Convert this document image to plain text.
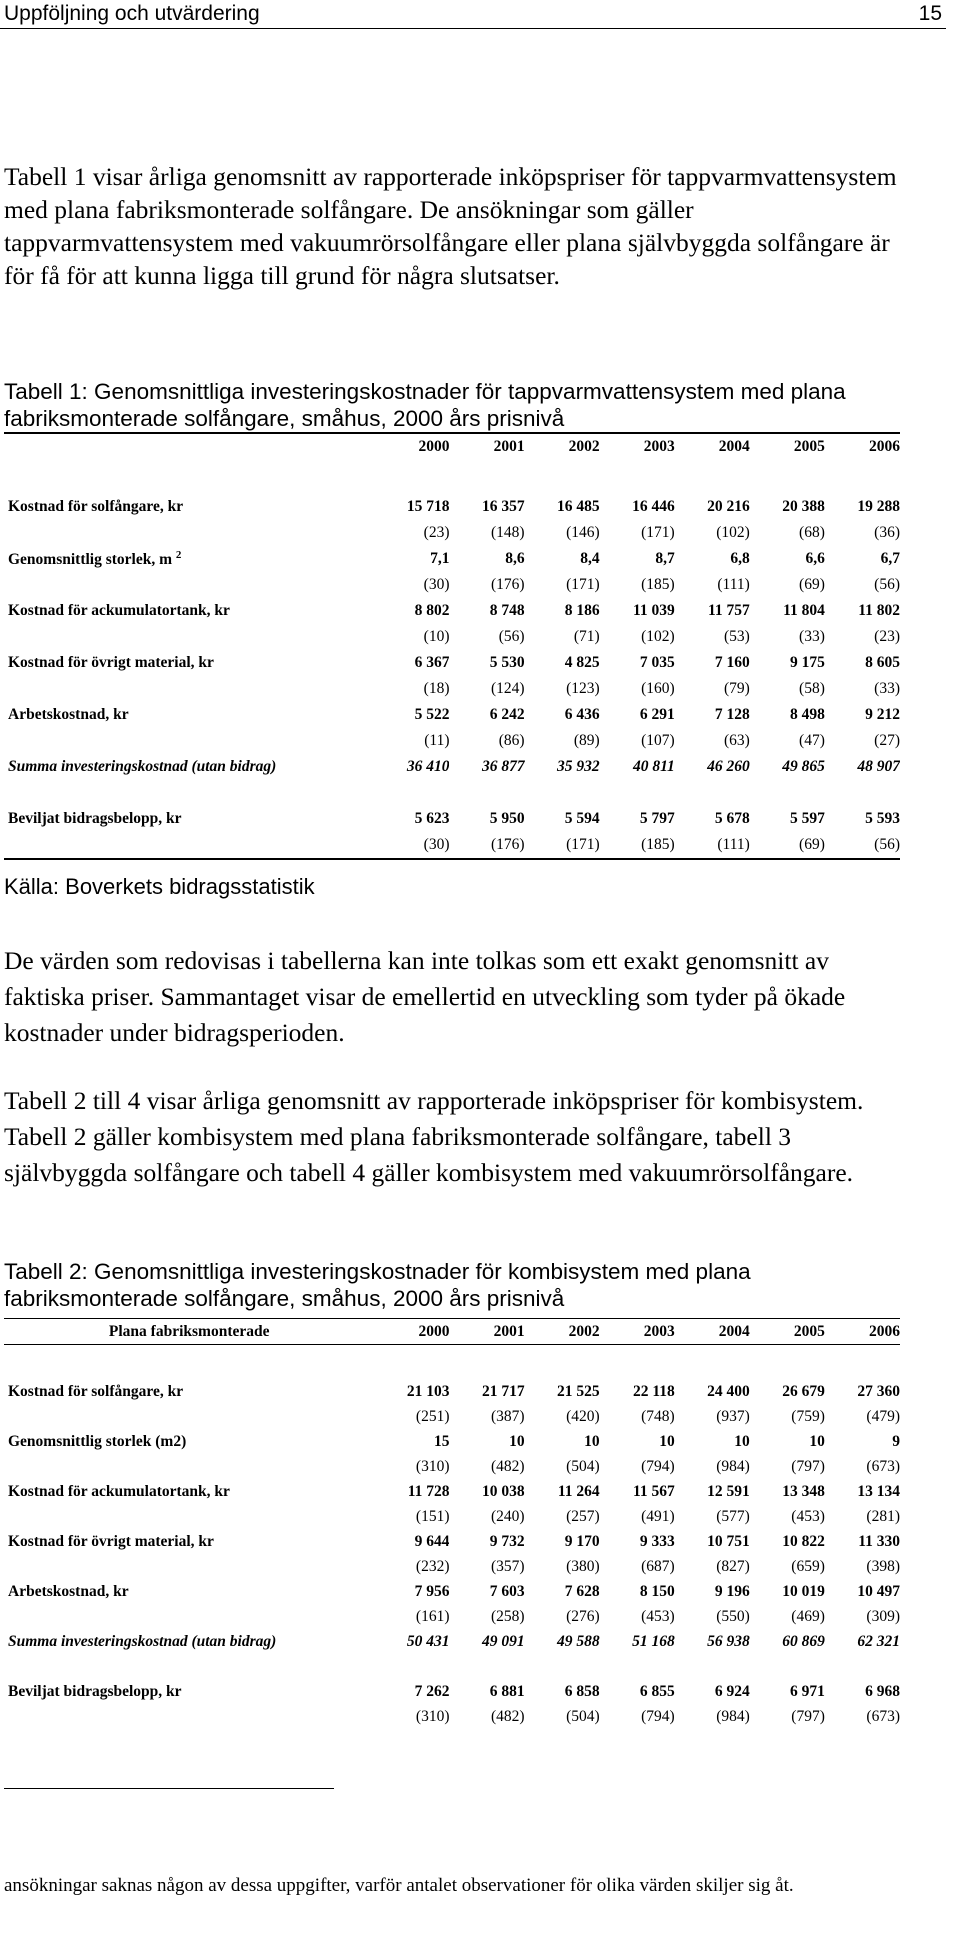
Uppföljning och utvärdering	15

Tabell 1 visar årliga genomsnitt av rapporterade inköpspriser för tappvarmvattensystem med plana fabriksmonterade solfångare. De ansökningar som gäller tappvarmvattensystem med vakuumrörsolfångare eller plana självbyggda solfångare är för få för att kunna ligga till grund för några slutsatser.

Tabell 1: Genomsnittliga investeringskostnader för tappvarmvattensystem med plana fabriksmonterade solfångare, småhus, 2000 års prisnivå

	2000	2001	2002	2003	2004	2005	2006

Kostnad för solfångare, kr	15 718	16 357	16 485	16 446	20 216	20 388	19 288
	(23)	(148)	(146)	(171)	(102)	(68)	(36)
Genomsnittlig storlek, m $^2$	7,1	8,6	8,4	8,7	6,8	6,6	6,7
	(30)	(176)	(171)	(185)	(111)	(69)	(56)
Kostnad för ackumulatortank, kr	8 802	8 748	8 186	11 039	11 757	11 804	11 802
	(10)	(56)	(71)	(102)	(53)	(33)	(23)
Kostnad för övrigt material, kr	6 367	5 530	4 825	7 035	7 160	9 175	8 605
	(18)	(124)	(123)	(160)	(79)	(58)	(33)
Arbetskostnad, kr	5 522	6 242	6 436	6 291	7 128	8 498	9 212
	(11)	(86)	(89)	(107)	(63)	(47)	(27)
Summa investeringskostnad (utan bidrag)	36 410	36 877	35 932	40 811	46 260	49 865	48 907

Beviljat bidragsbelopp, kr	5 623	5 950	5 594	5 797	5 678	5 597	5 593
	(30)	(176)	(171)	(185)	(111)	(69)	(56)
Källa: Boverkets bidragsstatistik

De värden som redovisas i tabellerna kan inte tolkas som ett exakt genomsnitt av faktiska priser. Sammantaget visar de emellertid en utveckling som tyder på ökade kostnader under bidragsperioden.

Tabell 2 till 4 visar årliga genomsnitt av rapporterade inköpspriser för kombisystem. Tabell 2 gäller kombisystem med plana fabriksmonterade solfångare, tabell 3 självbyggda solfångare och tabell 4 gäller kombisystem med vakuumrörsolfångare.

Tabell 2: Genomsnittliga investeringskostnader för kombisystem med plana fabriksmonterade solfångare, småhus, 2000 års prisnivå

Plana fabriksmonterade	2000	2001	2002	2003	2004	2005	2006

Kostnad för solfångare, kr	21 103	21 717	21 525	22 118	24 400	26 679	27 360
	(251)	(387)	(420)	(748)	(937)	(759)	(479)
Genomsnittlig storlek (m2)	15	10	10	10	10	10	9
	(310)	(482)	(504)	(794)	(984)	(797)	(673)
Kostnad för ackumulatortank, kr	11 728	10 038	11 264	11 567	12 591	13 348	13 134
	(151)	(240)	(257)	(491)	(577)	(453)	(281)
Kostnad för övrigt material, kr	9 644	9 732	9 170	9 333	10 751	10 822	11 330
	(232)	(357)	(380)	(687)	(827)	(659)	(398)
Arbetskostnad, kr	7 956	7 603	7 628	8 150	9 196	10 019	10 497
	(161)	(258)	(276)	(453)	(550)	(469)	(309)
Summa investeringskostnad (utan bidrag)	50 431	49 091	49 588	51 168	56 938	60 869	62 321

Beviljat bidragsbelopp, kr	7 262	6 881	6 858	6 855	6 924	6 971	6 968
	(310)	(482)	(504)	(794)	(984)	(797)	(673)
ansökningar saknas någon av dessa uppgifter, varför antalet observationer för olika värden skiljer sig åt.
